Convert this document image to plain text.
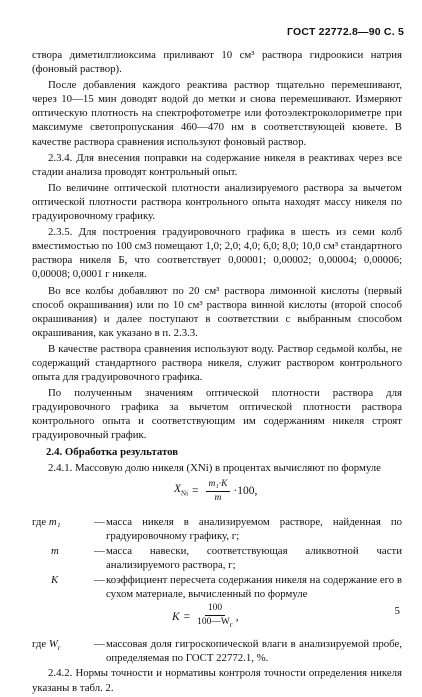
ГОСТ 22772.8—90 С. 5

створа диметилглиоксима приливают 10 см³ раствора гидроокиси натрия (фоновый раствор).

После добавления каждого реактива раствор тщательно перемешивают, через 10—15 мин доводят водой до метки и снова перемешивают. Измеряют оптическую плотность на спектрофотометре или фотоэлектроколориметре при максимуме светопропускания 460—470 нм в соответствующей кювете. В качестве раствора сравнения используют фоновый раствор.

2.3.4. Для внесения поправки на содержание никеля в реактивах через все стадии анализа проводят контрольный опыт.

По величине оптической плотности анализируемого раствора за вычетом оптической плотности раствора контрольного опыта находят массу никеля по градуировочному графику.

2.3.5. Для построения градуировочного графика в шесть из семи колб вместимостью по 100 см3 помещают 1,0; 2,0; 4,0; 6,0; 8,0; 10,0 см³ стандартного раствора никеля Б, что соответствует 0,00001; 0,00002; 0,00004; 0,00006; 0,00008; 0,0001 г никеля.

Во все колбы добавляют по 20 см³ раствора лимонной кислоты (первый способ окрашивания) или по 10 см³ раствора винной кислоты (второй способ окрашивания) и далее поступают в соответствии с выбранным способом окрашивания, как указано в п. 2.3.3.

В качестве раствора сравнения используют воду. Раствор седьмой колбы, не содержащий стандартного раствора никеля, служит раствором контрольного опыта для градуировочного графика.

По полученным значениям оптической плотности раствора для градуировочного графика за вычетом оптической плотности раствора контрольного опыта и соответствующим им содержаниям никеля строят градуировочный график.

2.4. Обработка результатов

2.4.1. Массовую долю никеля (XNi) в процентах вычисляют по формуле

$X_{Ni} = \frac{\text{m₁·K}}{m} \cdot 100$,
где m₁	— масса никеля в анализируемом растворе, найденная по градуировочному графику, г;
m	— масса навески, соответствующая аликвотной части анализируемого раствора, г;
K	— коэффициент пересчета содержания никеля на содержание его в сухом материале, вычисленный по формуле
$K = \frac{100}{100—W_г}$ ,
где $W_г$	— массовая доля гигроскопической влаги в анализируемой пробе, определяемая по ГОСТ 22772.1, %.

2.4.2. Нормы точности и нормативы контроля точности определения никеля указаны в табл. 2.

5
